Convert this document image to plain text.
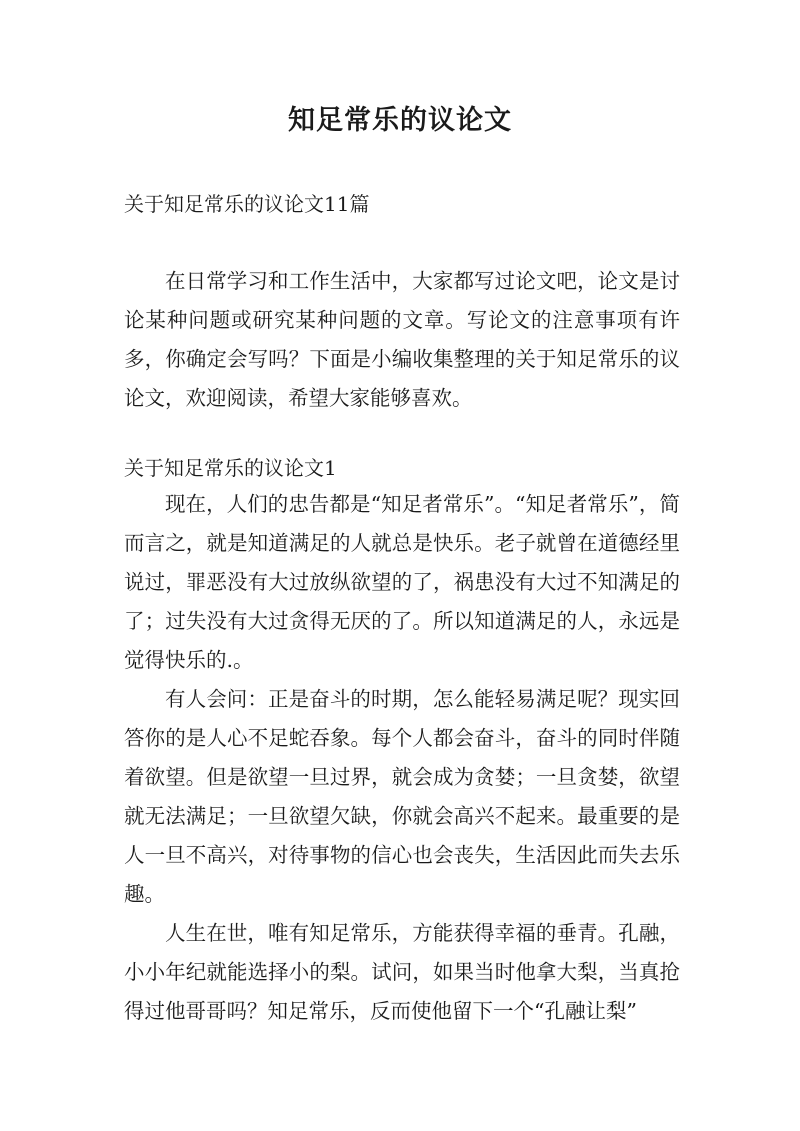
知足常乐的议论文

关于知足常乐的议论文11篇

在日常学习和工作生活中，大家都写过论文吧，论文是讨论某种问题或研究某种问题的文章。写论文的注意事项有许多，你确定会写吗？下面是小编收集整理的关于知足常乐的议论文，欢迎阅读，希望大家能够喜欢。

关于知足常乐的议论文1

现在，人们的忠告都是“知足者常乐”。“知足者常乐”，简而言之，就是知道满足的人就总是快乐。老子就曾在道德经里说过，罪恶没有大过放纵欲望的了，祸患没有大过不知满足的了；过失没有大过贪得无厌的了。所以知道满足的人，永远是觉得快乐的.。

有人会问：正是奋斗的时期，怎么能轻易满足呢？现实回答你的是人心不足蛇吞象。每个人都会奋斗，奋斗的同时伴随着欲望。但是欲望一旦过界，就会成为贪婪；一旦贪婪，欲望就无法满足；一旦欲望欠缺，你就会高兴不起来。最重要的是人一旦不高兴，对待事物的信心也会丧失，生活因此而失去乐趣。

人生在世，唯有知足常乐，方能获得幸福的垂青。孔融，小小年纪就能选择小的梨。试问，如果当时他拿大梨，当真抢得过他哥哥吗？知足常乐，反而使他留下一个“孔融让梨”
